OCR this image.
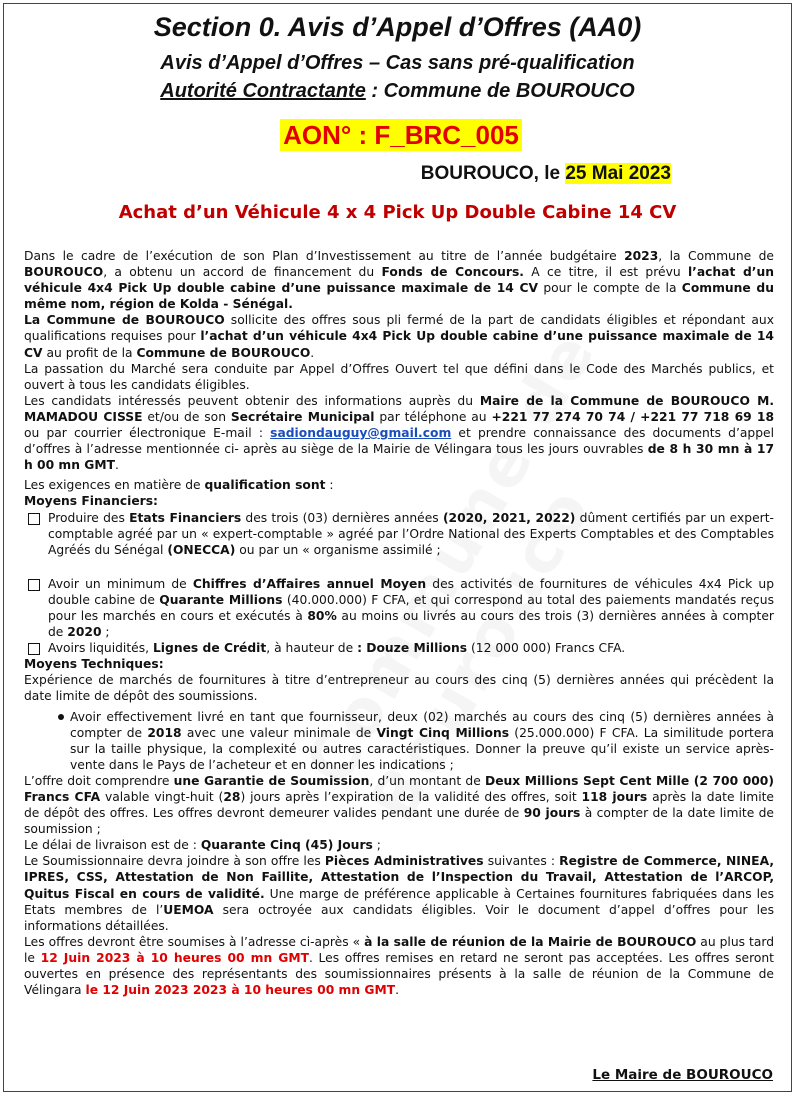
Section 0. Avis d’Appel d’Offres (AA0)
Avis d’Appel d’Offres – Cas sans pré-qualification
Autorité Contractante : Commune de BOUROUCO
AON° : F_BRC_005
BOUROUCO, le 25 Mai 2023
Achat d’un Véhicule 4 x 4 Pick Up Double Cabine 14 CV

Dans le cadre de l’exécution de son Plan d’Investissement au titre de l’année budgétaire 2023, la Commune de BOUROUCO, a obtenu un accord de financement du Fonds de Concours. A ce titre, il est prévu l’achat d’un véhicule 4x4 Pick Up double cabine d’une puissance maximale de 14 CV pour le compte de la Commune du même nom, région de Kolda - Sénégal.

La Commune de BOUROUCO sollicite des offres sous pli fermé de la part de candidats éligibles et répondant aux qualifications requises pour l’achat d’un véhicule 4x4 Pick Up double cabine d’une puissance maximale de 14 CV au profit de la Commune de BOUROUCO.

La passation du Marché sera conduite par Appel d’Offres Ouvert tel que défini dans le Code des Marchés publics, et ouvert à tous les candidats éligibles.

Les candidats intéressés peuvent obtenir des informations auprès du Maire de la Commune de BOUROUCO M. MAMADOU CISSE et/ou de son Secrétaire Municipal par téléphone au +221 77 274 70 74 / +221 77 718 69 18 ou par courrier électronique E-mail : sadiondauguy@gmail.com et prendre connaissance des documents d’appel d’offres à l’adresse mentionnée ci- après au siège de la Mairie de Vélingara tous les jours ouvrables de 8 h 30 mn à 17 h 00 mn GMT.

Les exigences en matière de qualification sont :

Moyens Financiers:

Produire des Etats Financiers des trois (03) dernières années (2020, 2021, 2022) dûment certifiés par un expert-comptable agréé par un « expert-comptable » agréé par l’Ordre National des Experts Comptables et des Comptables Agréés du Sénégal (ONECCA) ou par un « organisme assimilé ;
Avoir un minimum de Chiffres d’Affaires annuel Moyen des activités de fournitures de véhicules 4x4 Pick up double cabine de Quarante Millions (40.000.000) F CFA, et qui correspond au total des paiements mandatés reçus pour les marchés en cours et exécutés à 80% au moins ou livrés au cours des trois (3) dernières années à compter de 2020 ;
Avoirs liquidités, Lignes de Crédit, à hauteur de : Douze Millions (12 000 000) Francs CFA.

Moyens Techniques:

Expérience de marchés de fournitures à titre d’entrepreneur au cours des cinq (5) dernières années qui précèdent la date limite de dépôt des soumissions.

Avoir effectivement livré en tant que fournisseur, deux (02) marchés au cours des cinq (5) dernières années à compter de 2018 avec une valeur minimale de Vingt Cinq Millions (25.000.000) F CFA. La similitude portera sur la taille physique, la complexité ou autres caractéristiques. Donner la preuve qu’il existe un service après-vente dans le Pays de l’acheteur et en donner les indications ;

L’offre doit comprendre une Garantie de Soumission, d’un montant de Deux Millions Sept Cent Mille (2 700 000) Francs CFA valable vingt-huit (28) jours après l’expiration de la validité des offres, soit 118 jours après la date limite de dépôt des offres. Les offres devront demeurer valides pendant une durée de 90 jours à compter de la date limite de soumission ;

Le délai de livraison est de : Quarante Cinq (45) Jours ;

Le Soumissionnaire devra joindre à son offre les Pièces Administratives suivantes : Registre de Commerce, NINEA, IPRES, CSS, Attestation de Non Faillite, Attestation de l’Inspection du Travail, Attestation de l’ARCOP, Quitus Fiscal en cours de validité. Une marge de préférence applicable à Certaines fournitures fabriquées dans les Etats membres de l’UEMOA sera octroyée aux candidats éligibles. Voir le document d’appel d’offres pour les informations détaillées.

Les offres devront être soumises à l’adresse ci-après « à la salle de réunion de la Mairie de BOUROUCO au plus tard le 12 Juin 2023 à 10 heures 00 mn GMT. Les offres remises en retard ne seront pas acceptées. Les offres seront ouvertes en présence des représentants des soumissionnaires présents à la salle de réunion de la Commune de Vélingara le 12 Juin 2023 2023 à 10 heures 00 mn GMT.

Le Maire de BOUROUCO
